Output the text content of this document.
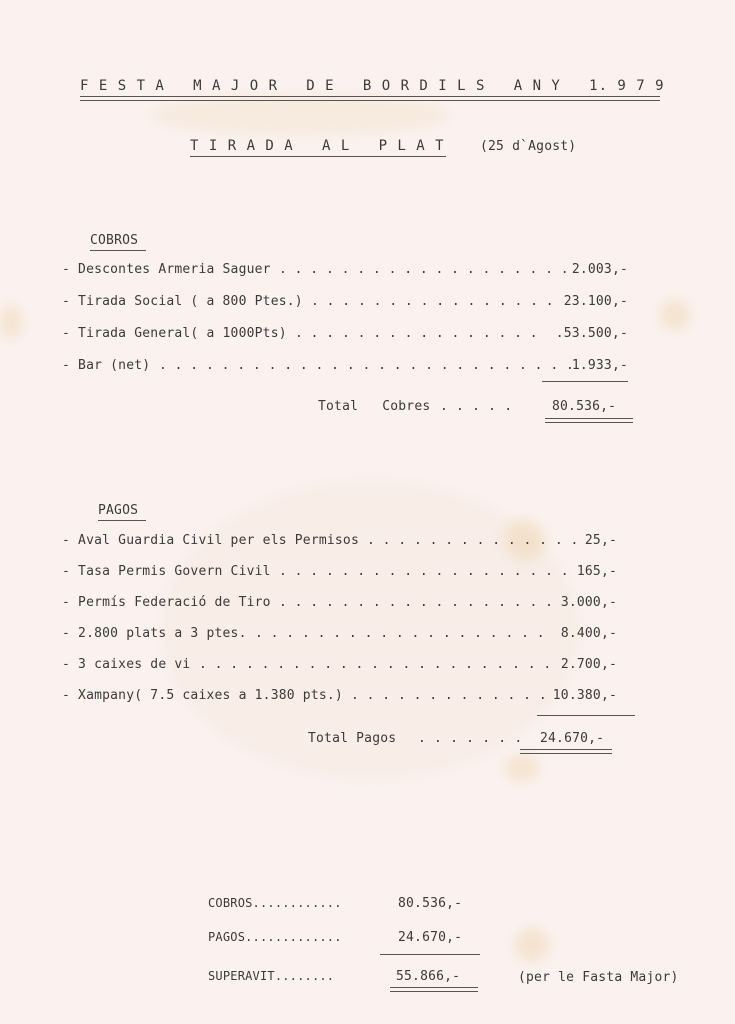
F E S T A   M A J O R   D E   B O R D I L S   A N Y   1. 9 7 9
T I R A D A   A L   P L A T	(25 d`Agost)
COBROS
- Descontes Armeria Saguer	2.003,-
. . . . . . . . . . . . . . . . . . .
- Tirada Social ( a 800 Ptes.)	23.100,-
. . . . . . . . . . . . . . . .
- Tirada General( a 1000Pts)	.53.500,-
. . . . . . . . . . . . . . . .
- Bar (net)	1.933,-
. . . . . . . . . . . . . . . . . . . . . . . . . . .
Total   Cobres . . . . .	80.536,-
PAGOS
- Aval Guardia Civil per els Permisos	25,-
. . . . . . . . . . . . . .
- Tasa Permis Govern Civil	165,-
. . . . . . . . . . . . . . . . . . .
- Permís Federació de Tiro	3.000,-
. . . . . . . . . . . . . . . . . .
- 2.800 plats a 3 ptes.	8.400,-
. . . . . . . . . . . . . . . . . . .
- 3 caixes de vi	2.700,-
. . . . . . . . . . . . . . . . . . . . . . .
- Xampany( 7.5 caixes a 1.380 pts.)	10.380,-
. . . . . . . . . . . . .
Total Pagos . . . . . . . 24.670,-
COBROS............	80.536,-
PAGOS.............	24.670,-
SUPERAVIT........	55.866,-	(per le Fasta Major)
